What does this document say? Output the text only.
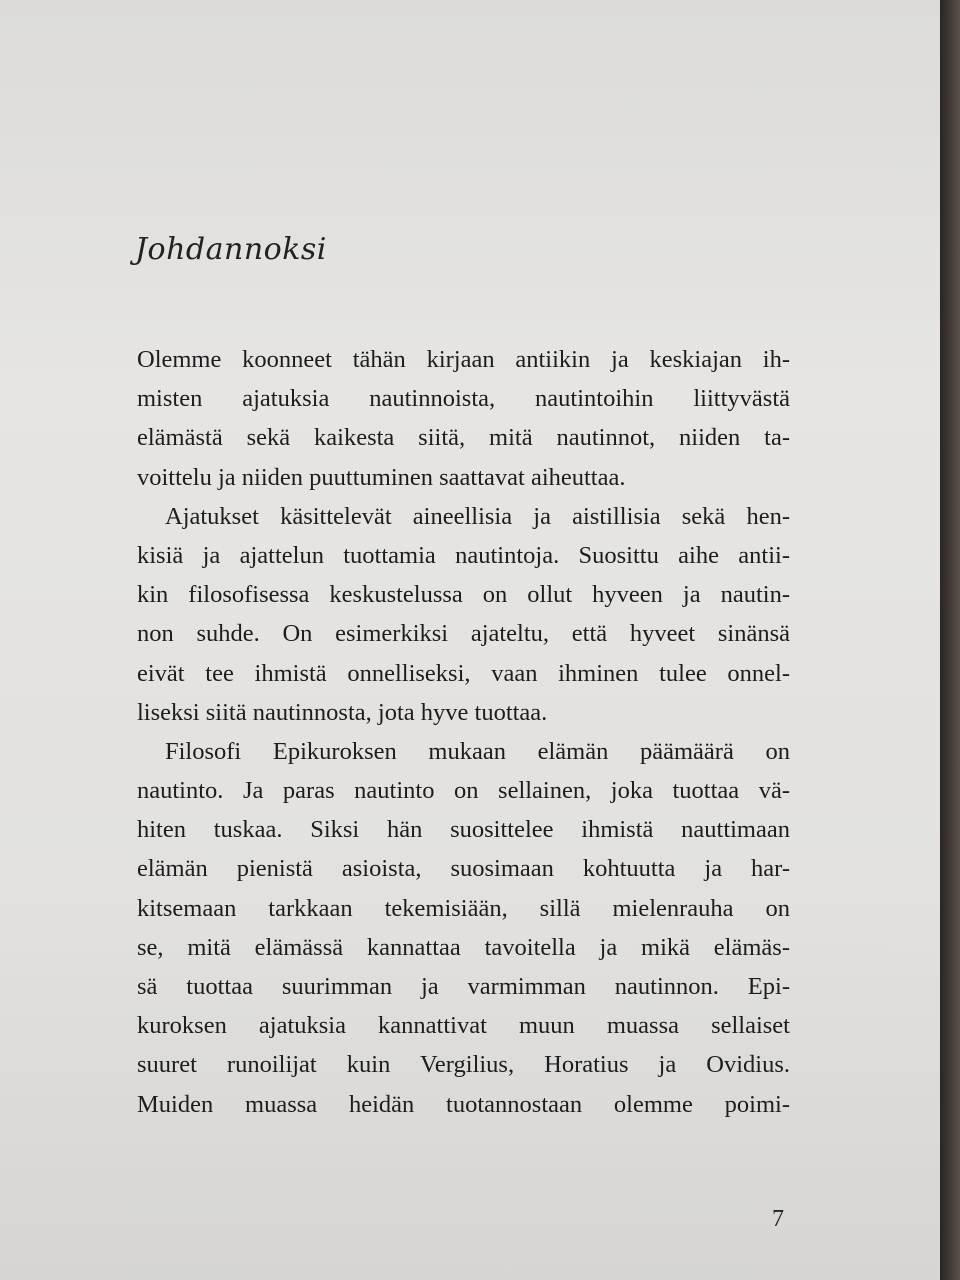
Johdannoksi
Olemme koonneet tähän kirjaan antiikin ja keskiajan ih-
misten ajatuksia nautinnoista, nautintoihin liittyvästä
elämästä sekä kaikesta siitä, mitä nautinnot, niiden ta-
voittelu ja niiden puuttuminen saattavat aiheuttaa.
Ajatukset käsittelevät aineellisia ja aistillisia sekä hen-
kisiä ja ajattelun tuottamia nautintoja. Suosittu aihe antii-
kin filosofisessa keskustelussa on ollut hyveen ja nautin-
non suhde. On esimerkiksi ajateltu, että hyveet sinänsä
eivät tee ihmistä onnelliseksi, vaan ihminen tulee onnel-
liseksi siitä nautinnosta, jota hyve tuottaa.
Filosofi Epikuroksen mukaan elämän päämäärä on
nautinto. Ja paras nautinto on sellainen, joka tuottaa vä-
hiten tuskaa. Siksi hän suosittelee ihmistä nauttimaan
elämän pienistä asioista, suosimaan kohtuutta ja har-
kitsemaan tarkkaan tekemisiään, sillä mielenrauha on
se, mitä elämässä kannattaa tavoitella ja mikä elämäs-
sä tuottaa suurimman ja varmimman nautinnon. Epi-
kuroksen ajatuksia kannattivat muun muassa sellaiset
suuret runoilijat kuin Vergilius, Horatius ja Ovidius.
Muiden muassa heidän tuotannostaan olemme poimi-
7
